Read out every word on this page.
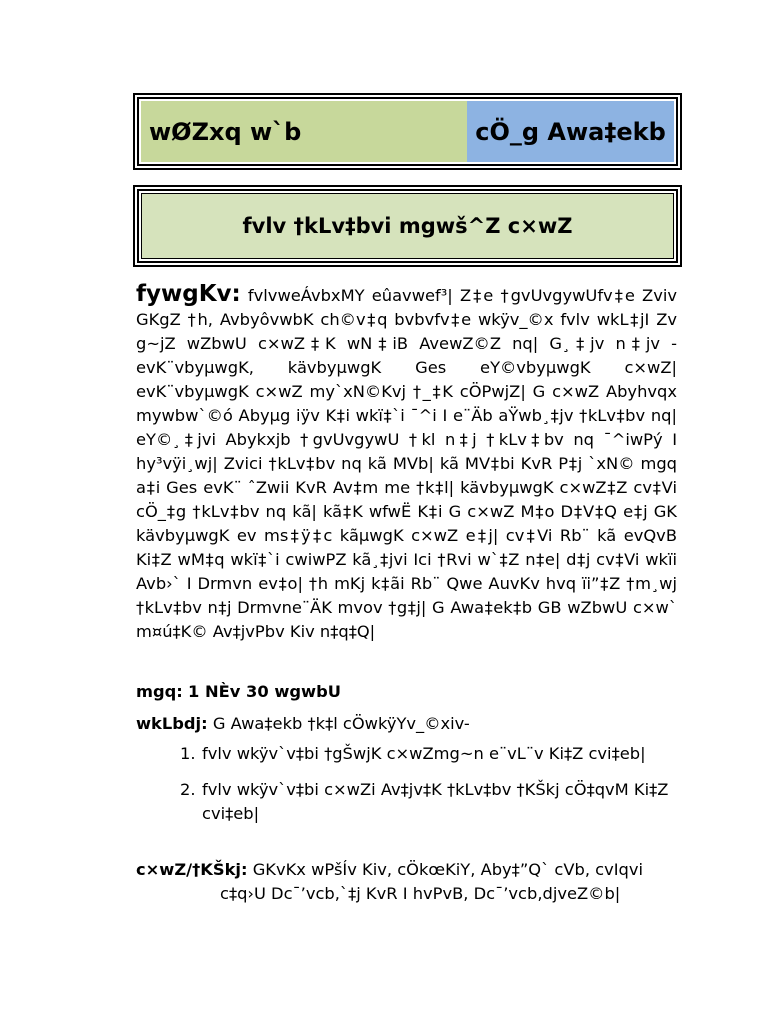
wØZxq w`b	cÖ_g Awa‡ekb
fvlv †kLv‡bvi mgwš^Z c×wZ
fywgKv: fvlvweÁvbxMY eûavwef³| Z‡e †gvUvgywUfv‡e Zviv GKgZ †h, AvbyôvwbK ch©v‡q bvbvfv‡e wkÿv_©x fvlv wkL‡jI Zv g~jZ wZbwU c×wZ‡K wN‡iB AvewZ©Z nq| G¸‡jv n‡jv - evK¨vbyµwgK, kävbyµwgK Ges eY©vbyµwgK c×wZ| evK¨vbyµwgK c×wZ my`xN©Kvj †_‡K cÖPwjZ| G c×wZ Abyhvqx mywbw`©ó Abyµg iÿv K‡i wkï‡`i ¯^i I e¨Äb aŸwb¸‡jv †kLv‡bv nq| eY©¸‡jvi Abykxjb †gvUvgywU †kl n‡j †kLv‡bv nq ¯^iwPý I hy³vÿi¸wj| Zvici †kLv‡bv nq kã MVb| kã MV‡bi KvR P‡j `xN© mgq a‡i Ges evK¨ ˆZwii KvR Av‡m me †k‡l| kävbyµwgK c×wZ‡Z cv‡Vi cÖ_‡g †kLv‡bv nq kã| kã‡K wfwË K‡i G c×wZ M‡o D‡V‡Q e‡j GK kävbyµwgK ev ms‡ÿ‡c kãµwgK c×wZ e‡j| cv‡Vi Rb¨ kã evQvB Ki‡Z wM‡q wkï‡`i cwiwPZ kã¸‡jvi Ici †Rvi w`‡Z n‡e| d‡j cv‡Vi wkïi Avb›` I Drmvn ev‡o| †h mKj k‡ãi Rb¨ Qwe AuvKv hvq ïi”‡Z †m¸wj †kLv‡bv n‡j Drmvne¨ÄK mvov †g‡j| G Awa‡ek‡b GB wZbwU c×w` m¤ú‡K© Av‡jvPbv Kiv n‡q‡Q|
mgq: 1 NÈv 30 wgwbU
wkLbdj: G Awa‡ekb †k‡l cÖwkÿYv_©xiv-
1. fvlv wkÿv`v‡bi †gŠwjK c×wZmg~n e¨vL¨v Ki‡Z cvi‡eb|
2. fvlv wkÿv`v‡bi c×wZi Av‡jv‡K †kLv‡bv †KŠkj cÖ‡qvM Ki‡Z cvi‡eb|
c×wZ/†KŠkj: GKvKx wPšÍv Kiv, cÖkœKiY, Aby‡”Q` cVb, cvIqvi c‡q›U Dc¯’vcb,`‡j KvR I hvPvB, Dc¯’vcb,djveZ©b|
